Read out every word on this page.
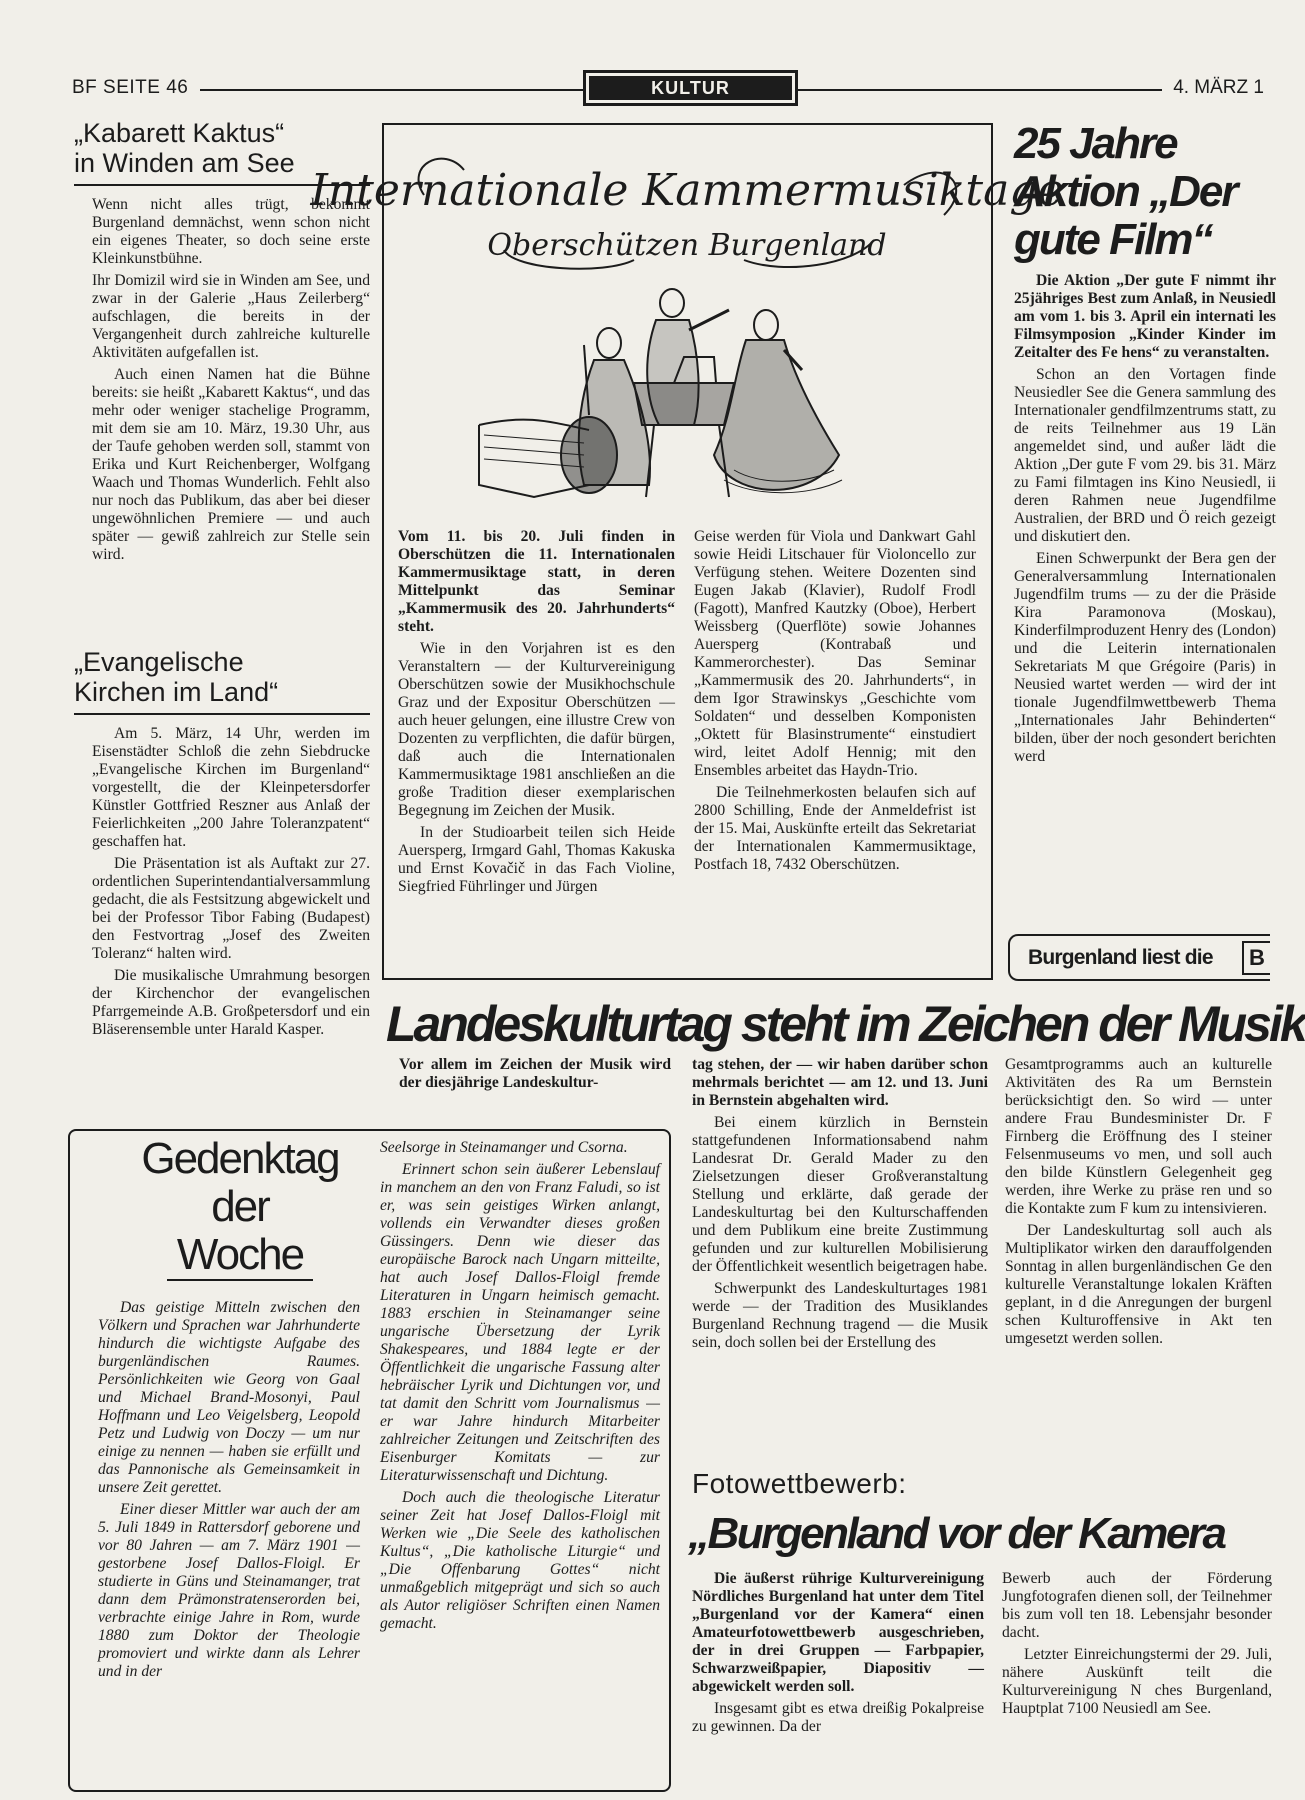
BF SEITE 46	KULTUR	4. MÄRZ 1
„Kabarett Kaktus“
in Winden am See

Wenn nicht alles trügt, bekommt Burgenland demnächst, wenn schon nicht ein eigenes Theater, so doch seine erste Kleinkunstbühne.

Ihr Domizil wird sie in Winden am See, und zwar in der Galerie „Haus Zeilerberg“ aufschlagen, die bereits in der Vergangenheit durch zahlreiche kulturelle Aktivitäten aufgefallen ist.

Auch einen Namen hat die Bühne bereits: sie heißt „Kabarett Kaktus“, und das mehr oder weniger stachelige Programm, mit dem sie am 10. März, 19.30 Uhr, aus der Taufe gehoben werden soll, stammt von Erika und Kurt Reichenberger, Wolfgang Waach und Thomas Wunderlich. Fehlt also nur noch das Publikum, das aber bei dieser ungewöhnlichen Premiere — und auch später — gewiß zahlreich zur Stelle sein wird.

„Evangelische
Kirchen im Land“

Am 5. März, 14 Uhr, werden im Eisenstädter Schloß die zehn Siebdrucke „Evangelische Kirchen im Burgenland“ vorgestellt, die der Kleinpetersdorfer Künstler Gottfried Reszner aus Anlaß der Feierlichkeiten „200 Jahre Toleranzpatent“ geschaffen hat.

Die Präsentation ist als Auftakt zur 27. ordentlichen Superintendantialversammlung gedacht, die als Festsitzung abgewickelt und bei der Professor Tibor Fabing (Budapest) den Festvortrag „Josef des Zweiten Toleranz“ halten wird.

Die musikalische Umrahmung besorgen der Kirchenchor der evangelischen Pfarrgemeinde A.B. Großpetersdorf und ein Bläserensemble unter Harald Kasper.

Internationale Kammermusiktage
Oberschützen Burgenland

Vom 11. bis 20. Juli finden in Oberschützen die 11. Internationalen Kammermusiktage statt, in deren Mittelpunkt das Seminar „Kammermusik des 20. Jahrhunderts“ steht.

Wie in den Vorjahren ist es den Veranstaltern — der Kulturvereinigung Oberschützen sowie der Musikhochschule Graz und der Expositur Oberschützen — auch heuer gelungen, eine illustre Crew von Dozenten zu verpflichten, die dafür bürgen, daß auch die Internationalen Kammermusiktage 1981 anschließen an die große Tradition dieser exemplarischen Begegnung im Zeichen der Musik.

In der Studioarbeit teilen sich Heide Auersperg, Irmgard Gahl, Thomas Kakuska und Ernst Kovačič in das Fach Violine, Siegfried Führlinger und Jürgen

Geise werden für Viola und Dankwart Gahl sowie Heidi Litschauer für Violoncello zur Verfügung stehen. Weitere Dozenten sind Eugen Jakab (Klavier), Rudolf Frodl (Fagott), Manfred Kautzky (Oboe), Herbert Weissberg (Querflöte) sowie Johannes Auersperg (Kontrabaß und Kammerorchester). Das Seminar „Kammermusik des 20. Jahrhunderts“, in dem Igor Strawinskys „Geschichte vom Soldaten“ und desselben Komponisten „Oktett für Blasinstrumente“ einstudiert wird, leitet Adolf Hennig; mit den Ensembles arbeitet das Haydn-Trio.

Die Teilnehmerkosten belaufen sich auf 2800 Schilling, Ende der Anmeldefrist ist der 15. Mai, Auskünfte erteilt das Sekretariat der Internationalen Kammermusiktage, Postfach 18, 7432 Oberschützen.

25 Jahre
Aktion „Der
gute Film“

Die Aktion „Der gute F nimmt ihr 25jähriges Best zum Anlaß, in Neusiedl am vom 1. bis 3. April ein internati les Filmsymposion „Kinder Kinder im Zeitalter des Fe hens“ zu veranstalten.

Schon an den Vortagen finde Neusiedler See die Genera sammlung des Internationaler gendfilmzentrums statt, zu de reits Teilnehmer aus 19 Län angemeldet sind, und außer lädt die Aktion „Der gute F vom 29. bis 31. März zu Fami filmtagen ins Kino Neusiedl, ii deren Rahmen neue Jugendfilme Australien, der BRD und Ö reich gezeigt und diskutiert den.

Einen Schwerpunkt der Bera gen der Generalversammlung Internationalen Jugendfilm trums — zu der die Präside Kira Paramonova (Moskau), Kinderfilmproduzent Henry des (London) und die Leiterin internationalen Sekretariats M que Grégoire (Paris) in Neusied wartet werden — wird der int tionale Jugendfilmwettbewerb Thema „Internationales Jahr Behinderten“ bilden, über der noch gesondert berichten werd

Burgenland liest die	B
Landeskulturtag steht im Zeichen der Musik

Vor allem im Zeichen der Musik wird der diesjährige Landeskultur-

tag stehen, der — wir haben darüber schon mehrmals berichtet — am 12. und 13. Juni in Bernstein abgehalten wird.

Bei einem kürzlich in Bernstein stattgefundenen Informationsabend nahm Landesrat Dr. Gerald Mader zu den Zielsetzungen dieser Großveranstaltung Stellung und erklärte, daß gerade der Landeskulturtag bei den Kulturschaffenden und dem Publikum eine breite Zustimmung gefunden und zur kulturellen Mobilisierung der Öffentlichkeit wesentlich beigetragen habe.

Schwerpunkt des Landeskulturtages 1981 werde — der Tradition des Musiklandes Burgenland Rechnung tragend — die Musik sein, doch sollen bei der Erstellung des

Gesamtprogramms auch an kulturelle Aktivitäten des Ra um Bernstein berücksichtigt den. So wird — unter andere Frau Bundesminister Dr. F Firnberg die Eröffnung des I steiner Felsenmuseums vo men, und soll auch den bilde Künstlern Gelegenheit geg werden, ihre Werke zu präse ren und so die Kontakte zum F kum zu intensivieren.

Der Landeskulturtag soll auch als Multiplikator wirken den darauffolgenden Sonntag in allen burgenländischen Ge den kulturelle Veranstaltunge lokalen Kräften geplant, in d die Anregungen der burgenl schen Kulturoffensive in Akt ten umgesetzt werden sollen.

Gedenktag
der
Woche

Das geistige Mitteln zwischen den Völkern und Sprachen war Jahrhunderte hindurch die wichtigste Aufgabe des burgenländischen Raumes. Persönlichkeiten wie Georg von Gaal und Michael Brand-Mosonyi, Paul Hoffmann und Leo Veigelsberg, Leopold Petz und Ludwig von Doczy — um nur einige zu nennen — haben sie erfüllt und das Pannonische als Gemeinsamkeit in unsere Zeit gerettet.

Einer dieser Mittler war auch der am 5. Juli 1849 in Rattersdorf geborene und vor 80 Jahren — am 7. März 1901 — gestorbene Josef Dallos-Floigl. Er studierte in Güns und Steinamanger, trat dann dem Prämonstratenserorden bei, verbrachte einige Jahre in Rom, wurde 1880 zum Doktor der Theologie promoviert und wirkte dann als Lehrer und in der

Seelsorge in Steinamanger und Csorna.

Erinnert schon sein äußerer Lebenslauf in manchem an den von Franz Faludi, so ist er, was sein geistiges Wirken anlangt, vollends ein Verwandter dieses großen Güssingers. Denn wie dieser das europäische Barock nach Ungarn mitteilte, hat auch Josef Dallos-Floigl fremde Literaturen in Ungarn heimisch gemacht. 1883 erschien in Steinamanger seine ungarische Übersetzung der Lyrik Shakespeares, und 1884 legte er der Öffentlichkeit die ungarische Fassung alter hebräischer Lyrik und Dichtungen vor, und tat damit den Schritt vom Journalismus — er war Jahre hindurch Mitarbeiter zahlreicher Zeitungen und Zeitschriften des Eisenburger Komitats — zur Literaturwissenschaft und Dichtung.

Doch auch die theologische Literatur seiner Zeit hat Josef Dallos-Floigl mit Werken wie „Die Seele des katholischen Kultus“, „Die katholische Liturgie“ und „Die Offenbarung Gottes“ nicht unmaßgeblich mitgeprägt und sich so auch als Autor religiöser Schriften einen Namen gemacht.

Fotowettbewerb:
„Burgenland vor der Kamera

Die äußerst rührige Kulturvereinigung Nördliches Burgenland hat unter dem Titel „Burgenland vor der Kamera“ einen Amateurfotowettbewerb ausgeschrieben, der in drei Gruppen — Farbpapier, Schwarzweißpapier, Diapositiv — abgewickelt werden soll.

Insgesamt gibt es etwa dreißig Pokalpreise zu gewinnen. Da der

Bewerb auch der Förderung Jungfotografen dienen soll, der Teilnehmer bis zum voll ten 18. Lebensjahr besonder dacht.

Letzter Einreichungstermi der 29. Juli, nähere Auskünft teilt die Kulturvereinigung N ches Burgenland, Hauptplat 7100 Neusiedl am See.
